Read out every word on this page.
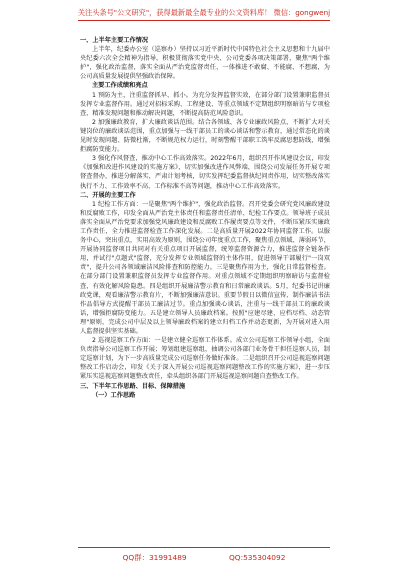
关注头条号"公文研究"，获得最新最全最专业的公文资料库！ 微信：gongwenj

一、上半年主要工作情况

上半年，纪委办公室（巡察办）坚持以习近平新时代中国特色社会主义思想和十九届中央纪委六次全会精神为指导，积极贯彻落实党中央、公司党委各项决策部署，聚焦"两个维护"，强化政治监督，落实全面从严治党监督责任，一体推进不敢腐、不能腐、不想腐，为公司高质量发展提供坚强政治保障。

主要工作成绩和亮点

1 预防为主，注重监督抓早、抓小。为充分发挥监督实效，在部分部门设置兼职监督员发挥专业监督作用。通过对招标采购、工程建设、等重点领域不定期组织明察暗访与专项检查，精准发现问题和推动解决问题，不断提高防范风险意识。

2 加强廉政教育，扩大廉政谈话范围。结合各领域、各专业廉政风险点，不断扩大对关键岗位的廉政谈话范围，重点加强与一线干部员工的谈心谈话和警示教育，通过常态化的谈见时发现问题、防微杜渐，不断规范权力运行，时刻警醒干部职工筑牢反腐思想防线，增强拒腐防变能力。

3 强化作风督查，推动中心工作高效落实。2022年6月，组织召开作风建设会议，印发《加强和改进作风建设的实施方案》，切实加强改进作风弊端，围绕公司发展任务开展专项督查督办，推进分解落实，严肃计划考核，切实发挥纪委监督执纪问责作用，切实整改落实执行不力、工作效率不高、工作标准不高等问题，推动中心工作高效落实。

二、开展的主要工作

1 纪检工作方面：一是聚焦"两个维护"，强化政治监督。召开党委会研究党风廉政建设和反腐败工作，印发全面从严治党主体责任和监督责任清单、纪检工作要点。领导班子成员落实全面从严治党要求加强党风廉政建设和反腐败工作履责要点等文件，不断压紧压实廉政工作责任，全力推进监督检查工作深化发展。二是高质量开展2022年协同监督工作。以服务中心，突出重点，实用高效为原则，围绕公司年度重点工作，聚焦重点领域、薄弱环节，开展协同监督项目共同对有关重点项目开展监督，统筹监督资源合力，推进监督全链条作用，并试行"点题式"监督，充分发挥专业领域监督的主体作用，促进领导干部履行"一岗双责"，提升公司各领域廉洁风险排查和防控能力。三是聚焦作用为主，强化日常监督检查。在部分部门设置兼职监督员发挥专业监督作用。对重点领域不定期组织明察暗访与监督检查，有效化解风险隐患。四是组织开展廉洁警示教育和日常廉政谈话。5月，纪委书记讲廉政党课，观看廉洁警示教育片，不断加强廉洁意识。重要节假日以微信宣传、制作廉洁书法作品倡导方式提醒干部员工廉洁过节。重点加强谈心谈话，注重与一线干部员工的廉政谈话，增强拒腐防变能力。五是建立领导人员廉政档案。按照"应建尽建、应档尽档、动态管理"原则，完成公司中层及以上领导廉政档案的建立归档工作并动态更新，为开展对进入用人监督提供坚实基础。

2 巡视巡察工作方面：一是建立健全巡察工作体系。成立公司巡察工作领导小组，全面负责指导公司巡察工作开展；筹划组建巡察组，抽调公司各部门业务骨干担任巡察人员，制定巡察计划，为下一步高质量完成公司巡察任务做好准备。二是组织召开公司巡视巡察问题整改工作启动会，印发《关于深入开展公司巡视巡察问题整改工作的实施方案》，进一步压紧压实巡视巡察问题整改责任，牵头组织各部门开展巡视巡察问题自查整改工作。

三、下半年工作思路、目标、保障措施

（一）工作思路

QQ群：31991489	QQ:535304092
